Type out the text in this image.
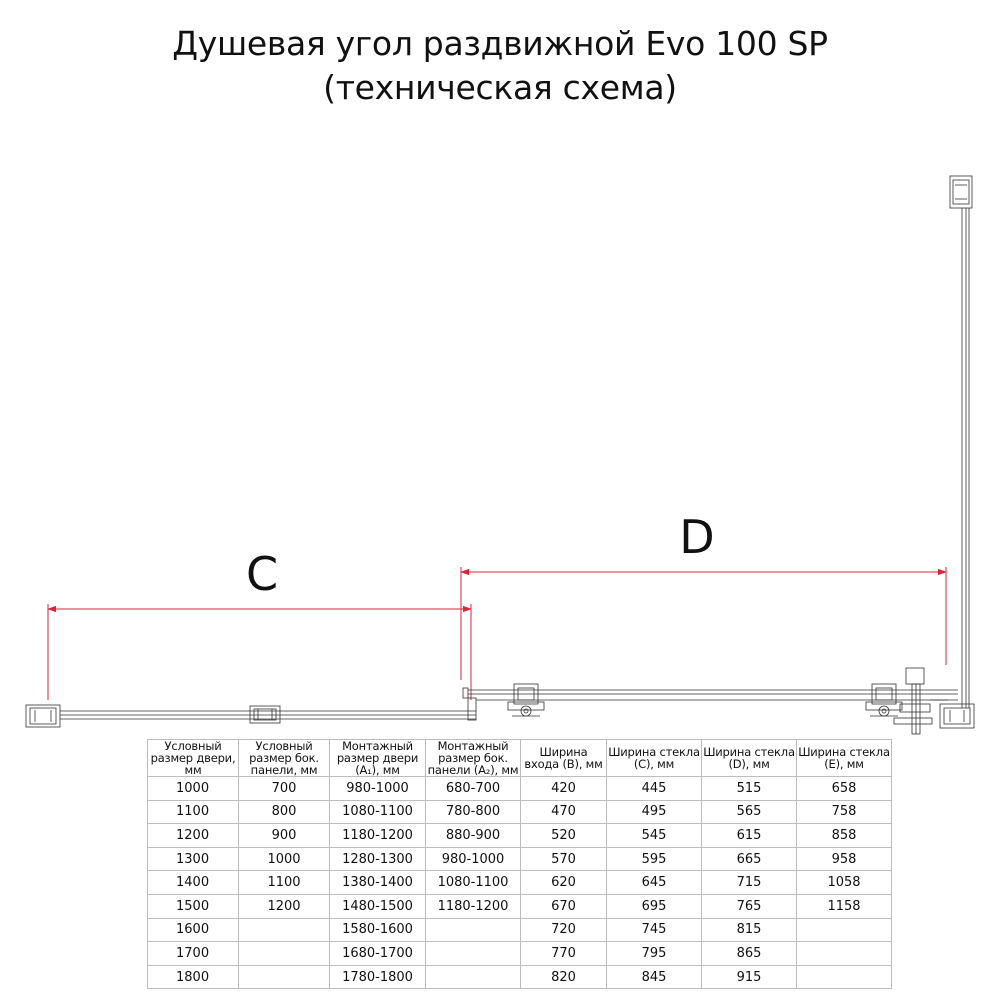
Душевая угол раздвижной Evo 100 SP
(техническая схема)
C
D
Условный размер двери, мм	Условный размер бок. панели, мм	Монтажный размер двери (A₁), мм	Монтажный размер бок. панели (A₂), мм	Ширина входа (B), мм	Ширина стекла (C), мм	Ширина стекла (D), мм	Ширина стекла (E), мм
1000	700	980-1000	680-700	420	445	515	658
1100	800	1080-1100	780-800	470	495	565	758
1200	900	1180-1200	880-900	520	545	615	858
1300	1000	1280-1300	980-1000	570	595	665	958
1400	1100	1380-1400	1080-1100	620	645	715	1058
1500	1200	1480-1500	1180-1200	670	695	765	1158
1600		1580-1600		720	745	815	
1700		1680-1700		770	795	865	
1800		1780-1800		820	845	915	
